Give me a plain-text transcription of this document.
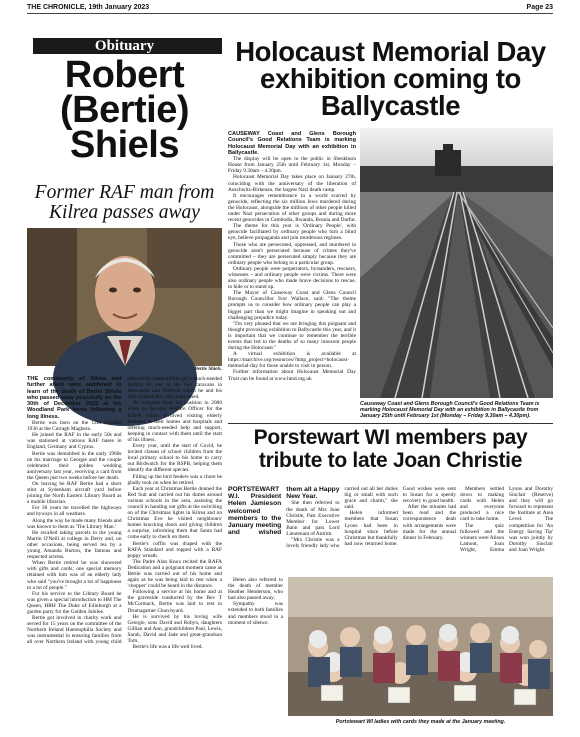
THE CHRONICLE, 19th January 2023	Page 23
Obituary
Robert (Bertie) Shiels
Former RAF man from Kilrea passes away
Bertie Shiels.

THE community of Kilrea and further afield were saddened to learn of the death of Bertie Shiels who passed away peacefully on the 30th of December 2022 at his Woodland Park home following a long illness.

Bertie was born on the 12th October 1936 at the Curragh Maghera.

He joined the RAF in the early 50s and was stationed at various RAF bases in England, Germany and Cyprus.

Bertie was demobbed in the early 1960s on his marriage to Georgie and the couple celebrated their golden wedding anniversary last year, receiving a card from the Queen just two weeks before her death.

On leaving he RAF Bertie had a short stint at Sydenham aircraft yard before joining the North Eastern Library Board as a mobile librarian.

For 38 years he travelled the highways and byways in all weathers.

Along the way he made many friends and was known to them as 'The Library Man.'

He recalled taking parcels to the young Martin O'Neill at college in Derry and, on other occasions, being served tea by a young Amanda Burton, the famous and respected actress.

When Bertie retired he was showered with gifts and cards; one special memory retained with him was of an elderly lady who said "you've brought a lot of happiness to a lot of people."

For his service to the Library Board he was given a special introduction to HM The Queen, HRH The Duke of Edinburgh at a garden party for the Golden Jubilee.

Bertie got involved in charity work and served for 15 years on the committee of the Northern Ireland Haemophilia Society and was instrumental in ensuring families from all over Northern Ireland with young child affected by haemophilia got a much-needed holiday in one of the two caravans in Newcastle and Portrush which he and his wife looked after and maintained.

He resigned from his position in 2000 when he became Welfare Officer for the RAFA which involved visiting elderly veterans in their homes and hospitals and offering much-needed help and support, keeping in contact with them until the start of his illness.

Every year, until the start of Covid, he invited classes of school children from the local primary school to his home to carry out Birdwatch for the RSPB, helping them identify the different species.

Filling up the bird feeders was a chore he gladly took on when he retired.

Each year at Christmas Bertie donned the Red Suit and carried out his duties around various schools in the area, assisting the council in handing out gifts at the switching on of the Christmas lights in Kilrea and on Christmas Eve he visited neighbours' homes knocking doors and giving children a surprise, informing them that Santa had come early to check on them.

Bertie's coffin was draped with the RAFA Standard and topped with a RAF poppy wreath.

The Padre Alan Knox recited the RAFA Dedication and a poignant moment came as Bertie was carried out of his home and again as he was being laid to rest when a 'chopper' could be heard in the distance.

Following a service at his home and at the graveside conducted by the Rev T McCormack, Bertie was laid to rest in Drumagarner Churchyard.

He is survived by his loving wife Georgie, sons David and Robyn, daughters Gillian and Ann, grandchildren Paul, Lewis, Sarah, David and Jade and great-grandson Tom.

Bertie's life was a life well lived.

Holocaust Memorial Day exhibition coming to Ballycastle

CAUSEWAY Coast and Glens Borough Council's Good Relations Team is marking Holocaust Memorial Day with an exhibition in Ballycastle.

The display will be open to the public in Sheskburn House from January 25th until February 1st, Monday – Friday 9.30am – 4.30pm.

Holocaust Memorial Day takes place on January 27th, coinciding with the anniversary of the liberation of Auschwitz-Birkenau, the largest Nazi death camp.

It encourages remembrance in a world scarred by genocide, reflecting the six million Jews murdered during the Holocaust, alongside the millions of other people killed under Nazi persecution of other groups and during more recent genocides in Cambodia, Rwanda, Bosnia and Darfur.

The theme for this year is 'Ordinary People', with genocide facilitated by ordinary people who turn a blind eye, believe propaganda and join murderous regimes.

Those who are persecuted, oppressed, and murdered in genocide aren't persecuted because of crimes they've committed – they are persecuted simply because they are ordinary people who belong to a particular group.

Ordinary people were perpetrators, bystanders, rescuers, witnesses – and ordinary people were victims. There were also ordinary people who made brave decisions to rescue, to hide or to stand up.

The Mayor of Causeway Coast and Glens Council Borough Councillor Ivor Wallace, said: "The theme prompts us to consider how ordinary people can play a bigger part than we might imagine in speaking out and challenging prejudice today.

"I'm very pleased that we are bringing this poignant and thought provoking exhibition to Ballycastle this year, and it is important that we continue to remember the terrible events that led to the deaths of so many innocent people during the Holocaust."

A virtual exhibition is available at https://marchive.org/resources/?hmp_project=holocaust-memorial-day for those unable to visit in person.

Further information about Holocaust Memorial Day Trust can be found at www.hmd.org.uk

Causeway Coast and Glens Borough Council's Good Relations Team is marking Holocaust Memorial Day with an exhibition in Ballycastle from January 25th until February 1st (Monday – Friday 9.30am – 4.30pm).
Porstewart WI members pay tribute to late Joan Christie

PORTSTEWART W.I. President Helen Jamieson welcomed members to the January meeting and wished them all a Happy New Year.

She then referred to the death of Mrs Joan Christie, Past Executive Member for Lower Bann and past Lord Lieutenant of Antrim.

"Mrs Christie was a lovely friendly lady who carried out all her duties big or small with such grace and charm," she said.

Helen informed members that Susan Lyons had been in hospital since before Christmas but thankfully had now returned home. Good wishes were sent to Susan for a speedy recovery to good health.

After the minutes had been read and the correspondence dealt with arrangements were made for the annual dinner in February.

Members settled down to making cards with Helen and everyone produced a nice card to take home.

The quiz followed and the winners were Alison Lamont, Joan Wright, Emma Lyons and Dorothy Sinclair (Reserve) and they will go forward to represent the Institute at Area Level. The competition for 'An Energy Saving Tip' was won jointly by Dorothy Sinclair and Joan Wright.

Helen also referred to the death of member Heather Henderson, who had also passed away.

Sympathy was extended to both families and members stood in a moment of silence.

Portstewart WI ladies with cards they made at the January meeting.
